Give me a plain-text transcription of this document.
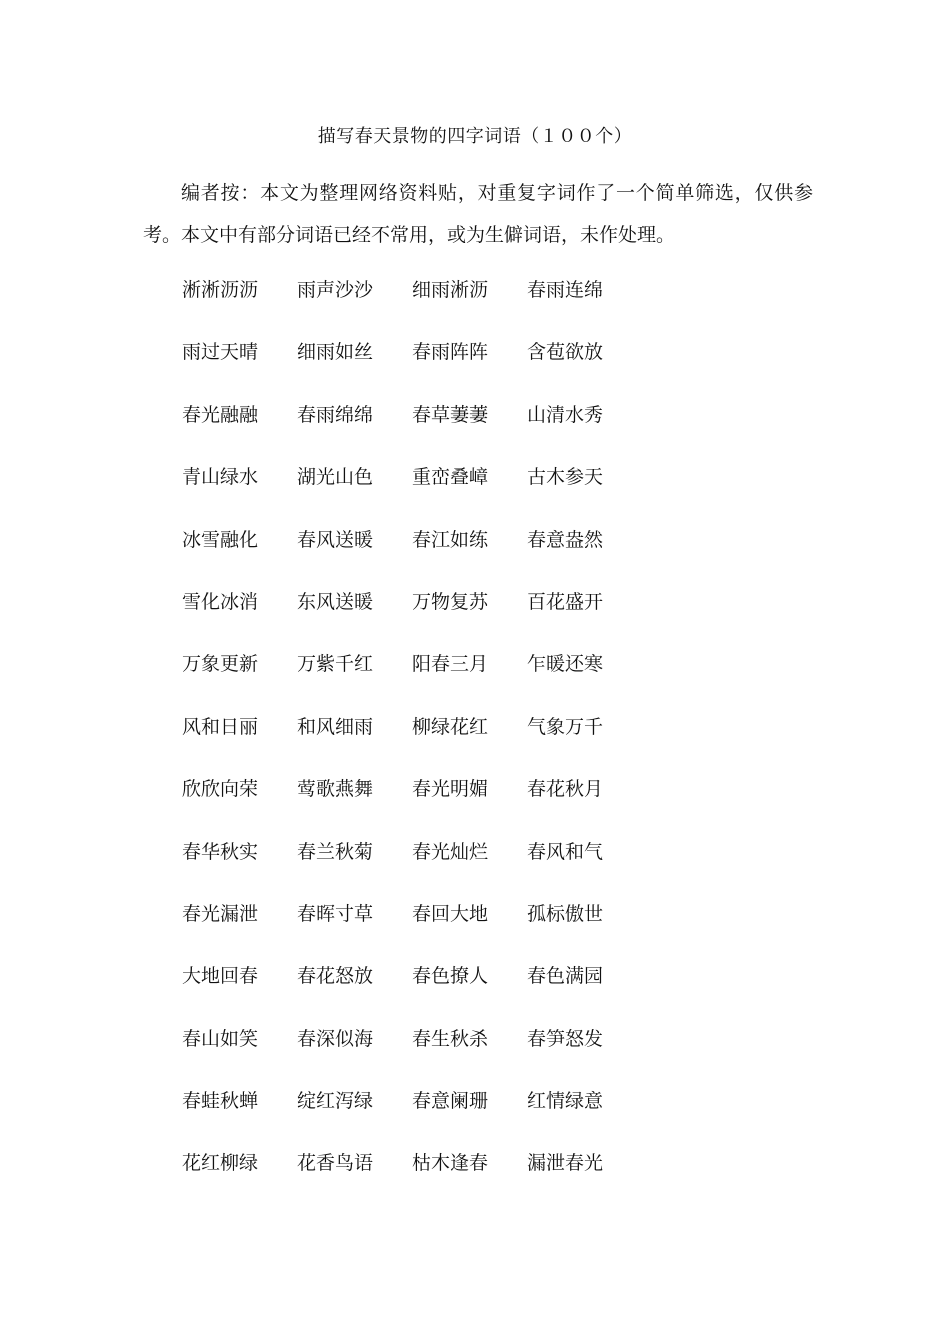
描写春天景物的四字词语（１００个）
编者按：本文为整理网络资料贴，对重复字词作了一个简单筛选，仅供参考。本文中有部分词语已经不常用，或为生僻词语，未作处理。
淅淅沥沥	雨声沙沙	细雨淅沥	春雨连绵
雨过天晴	细雨如丝	春雨阵阵	含苞欲放
春光融融	春雨绵绵	春草萋萋	山清水秀
青山绿水	湖光山色	重峦叠嶂	古木参天
冰雪融化	春风送暖	春江如练	春意盎然
雪化冰消	东风送暖	万物复苏	百花盛开
万象更新	万紫千红	阳春三月	乍暖还寒
风和日丽	和风细雨	柳绿花红	气象万千
欣欣向荣	莺歌燕舞	春光明媚	春花秋月
春华秋实	春兰秋菊	春光灿烂	春风和气
春光漏泄	春晖寸草	春回大地	孤标傲世
大地回春	春花怒放	春色撩人	春色满园
春山如笑	春深似海	春生秋杀	春笋怒发
春蛙秋蝉	绽红泻绿	春意阑珊	红情绿意
花红柳绿	花香鸟语	枯木逢春	漏泄春光
